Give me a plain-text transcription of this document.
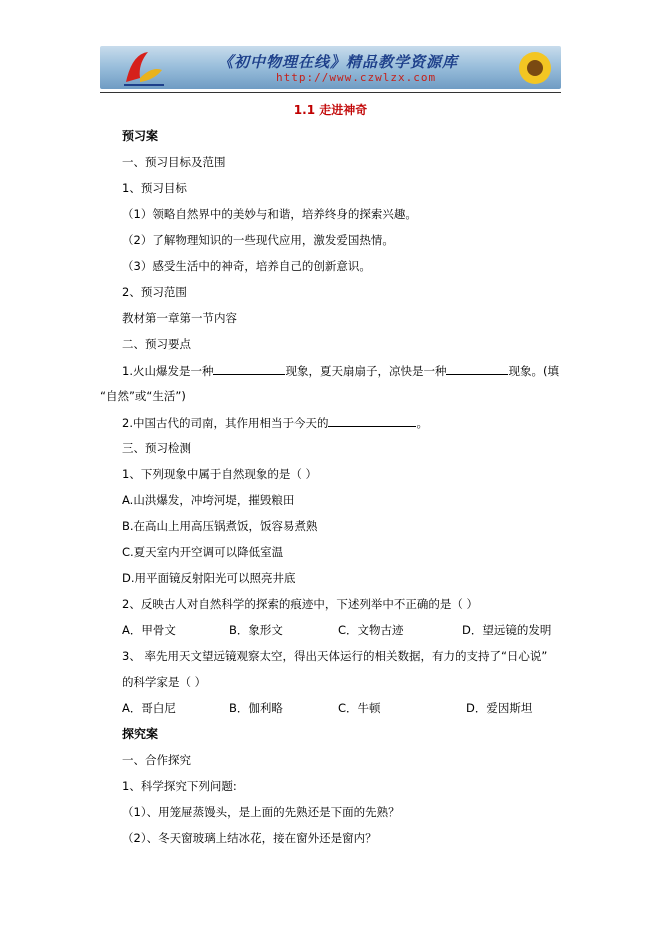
《初中物理在线》精品教学资源库
http://www.czwlzx.com
1.1 走进神奇
预习案
一、预习目标及范围
1、预习目标
（1）领略自然界中的美妙与和谐，培养终身的探索兴趣。
（2）了解物理知识的一些现代应用，激发爱国热情。
（3）感受生活中的神奇，培养自己的创新意识。
2、预习范围
教材第一章第一节内容
二、预习要点
1.火山爆发是一种	现象，夏天扇扇子，凉快是一种	现象。(填
“自然”或“生活”)
2.中国古代的司南，其作用相当于今天的	。
三、预习检测
1、下列现象中属于自然现象的是（ ）
A.山洪爆发，冲垮河堤，摧毁粮田
B.在高山上用高压锅煮饭，饭容易煮熟
C.夏天室内开空调可以降低室温
D.用平面镜反射阳光可以照亮井底
2、反映古人对自然科学的探索的痕迹中，下述列举中不正确的是（ ）
A．甲骨文	B．象形文	C．文物古迹	D．望远镜的发明
3、 率先用天文望远镜观察太空，得出天体运行的相关数据，有力的支持了“日心说”
的科学家是（ ）
A．哥白尼	B．伽利略	C．牛顿	D．爱因斯坦
探究案
一、合作探究
1、科学探究下列问题:
（1）、用笼屉蒸馒头，是上面的先熟还是下面的先熟？
（2）、冬天窗玻璃上结冰花，接在窗外还是窗内？
